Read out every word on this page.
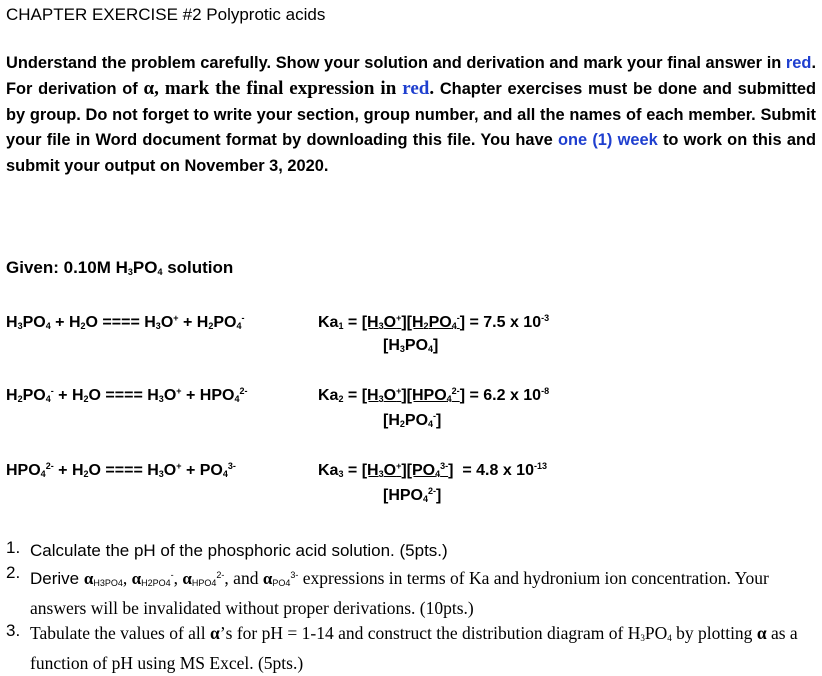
CHAPTER EXERCISE #2 Polyprotic acids
Understand the problem carefully. Show your solution and derivation and mark your final answer in red. For derivation of α, mark the final expression in red. Chapter exercises must be done and submitted by group. Do not forget to write your section, group number, and all the names of each member. Submit your file in Word document format by downloading this file. You have one (1) week to work on this and submit your output on November 3, 2020.
Given: 0.10M $H_3PO_4$ solution
$H_3PO_4 + H_2O$ ==== $H_3O^+ + H_2PO_4^-$	$Ka_1 = [H_3O^+][H_2PO_4^-] = 7.5$ x $10^{-3}$
$[H_3PO_4]$
$H_2PO_4^- + H_2O$ ==== $H_3O^+ + HPO_4^{2-}$	$Ka_2 = [H_3O^+][HPO_4^{2-}] = 6.2$ x $10^{-8}$
$[H_2PO_4^-]$
$HPO_4^{2-} + H_2O$ ==== $H_3O^+ + PO_4^{3-}$	$Ka_3 = [H_3O^+][PO_4^{3-}] = 4.8$ x $10^{-13}$
$[HPO_4^{2-}]$
1. Calculate the pH of the phosphoric acid solution. (5pts.)
2. Derive $\alpha_{H3PO4}$, $\alpha_{H2PO4}^-$, $\alpha_{HPO4}^{2-}$, and $\alpha_{PO4}^{3-}$ expressions in terms of Ka and hydronium ion concentration. Your answers will be invalidated without proper derivations. (10pts.)
3. Tabulate the values of all α’s for pH = 1-14 and construct the distribution diagram of $H_3PO_4$ by plotting α as a function of pH using MS Excel. (5pts.)
